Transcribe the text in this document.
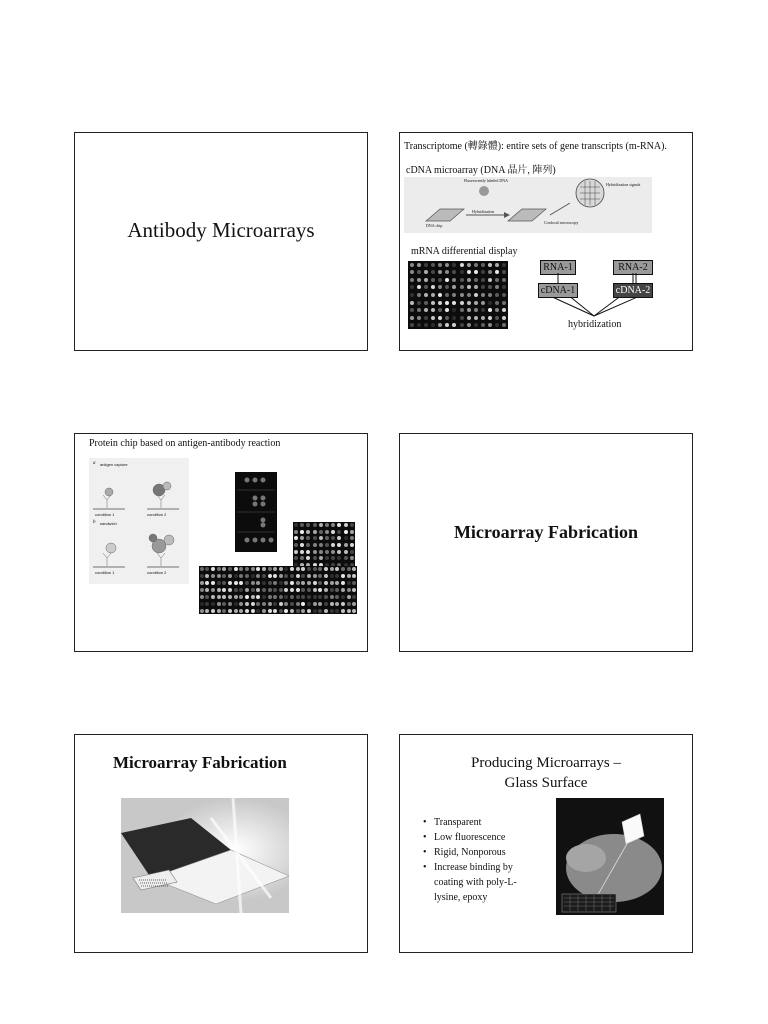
Antibody Microarrays
Transcriptome (轉錄體): entire sets of gene transcripts (m-RNA).
cDNA microarray (DNA 晶片, 陣列)
Fluorescently labeled DNA
Hybridization signals
DNA chip
Hybridization
Confocal microscopy
mRNA differential display
RNA-1	RNA-2
cDNA-1	cDNA-2
hybridization
Protein chip based on antigen-antibody reaction
a antigen capture
condition 1	condition 2
b sandwich
condition 1	condition 2
Microarray Fabrication
Microarray Fabrication	Producing Microarrays –
Glass Surface
• Transparent
• Low fluorescence
• Rigid, Nonporous
• Increase binding by coating with poly-L-lysine, epoxy
